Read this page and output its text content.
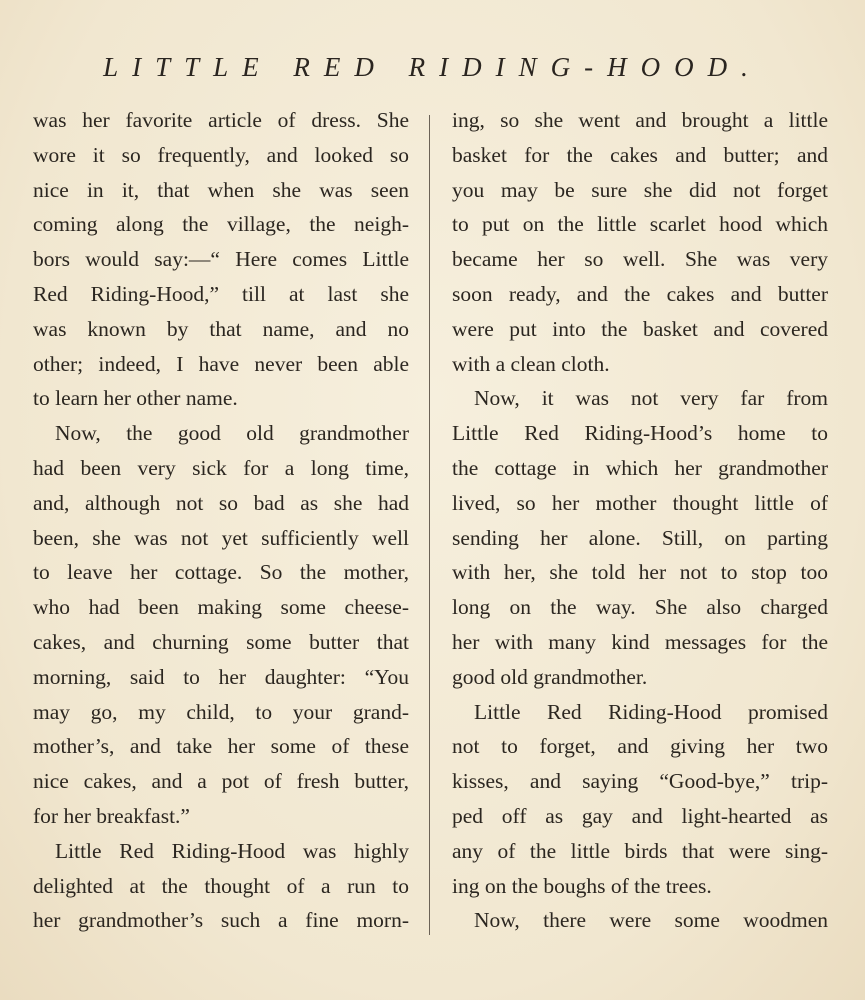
LITTLE RED RIDING-HOOD.
was her favorite article of dress. She
wore it so frequently, and looked so
nice in it, that when she was seen
coming along the village, the neigh-
bors would say:—“ Here comes Little
Red Riding-Hood,” till at last she
was known by that name, and no
other; indeed, I have never been able
to learn her other name.
Now, the good old grandmother
had been very sick for a long time,
and, although not so bad as she had
been, she was not yet sufficiently well
to leave her cottage. So the mother,
who had been making some cheese-
cakes, and churning some butter that
morning, said to her daughter: “You
may go, my child, to your grand-
mother’s, and take her some of these
nice cakes, and a pot of fresh butter,
for her breakfast.”
Little Red Riding-Hood was highly
delighted at the thought of a run to
her grandmother’s such a fine morn-
ing, so she went and brought a little
basket for the cakes and butter; and
you may be sure she did not forget
to put on the little scarlet hood which
became her so well. She was very
soon ready, and the cakes and butter
were put into the basket and covered
with a clean cloth.
Now, it was not very far from
Little Red Riding-Hood’s home to
the cottage in which her grandmother
lived, so her mother thought little of
sending her alone. Still, on parting
with her, she told her not to stop too
long on the way. She also charged
her with many kind messages for the
good old grandmother.
Little Red Riding-Hood promised
not to forget, and giving her two
kisses, and saying “Good-bye,” trip-
ped off as gay and light-hearted as
any of the little birds that were sing-
ing on the boughs of the trees.
Now, there were some woodmen
